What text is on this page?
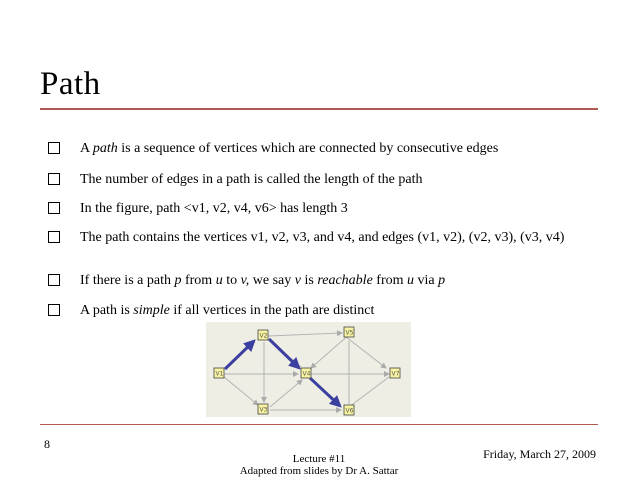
Path
A path is a sequence of vertices which are connected by consecutive edges
The number of edges in a path is called the length of the path
In the figure, path <v1, v2, v4, v6> has length 3
The path contains the vertices v1, v2, v3, and v4, and edges (v1, v2), (v2, v3), (v3, v4)
If there is a path p from u to v, we say v is reachable from u via p
A path is simple if all vertices in the path are distinct
V1
V2
V3
V4
V5
V6
V7
8
Friday, March 27, 2009
Lecture #11
Adapted from slides by Dr A. Sattar
